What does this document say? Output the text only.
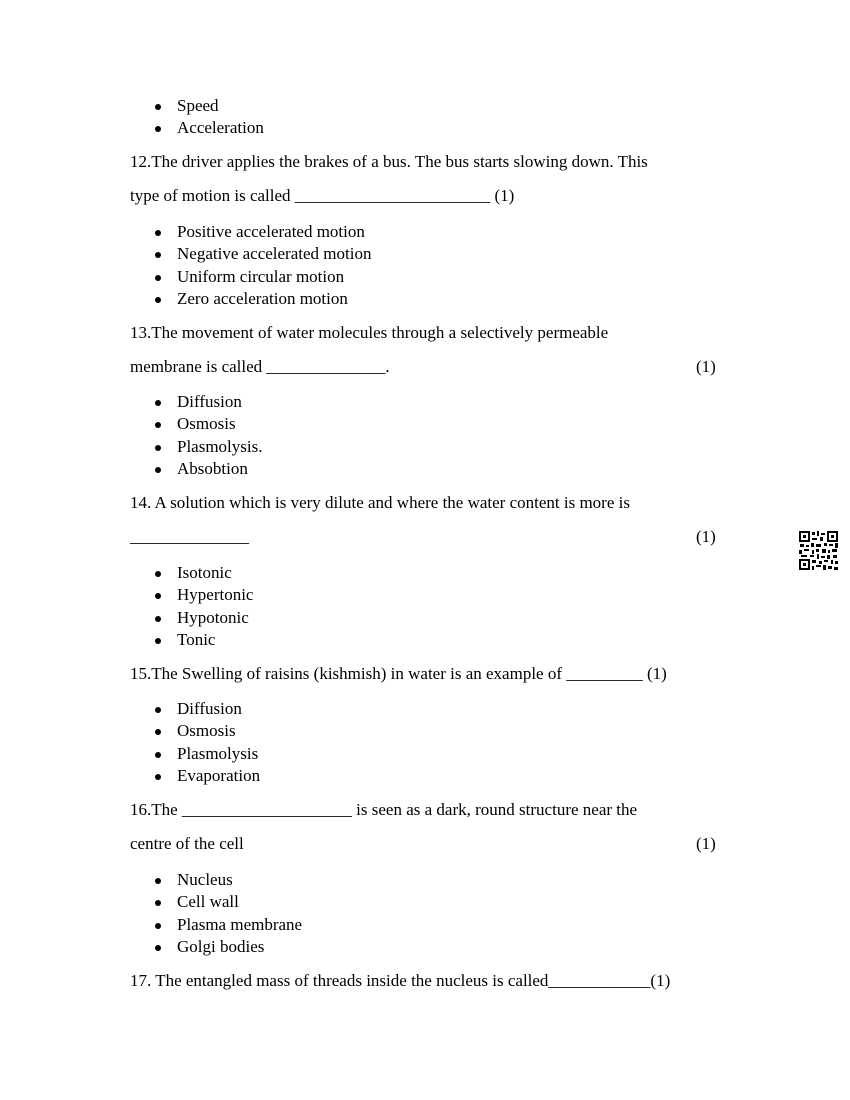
Speed
Acceleration
12.The driver applies the brakes of a bus. The bus starts slowing down. This
type of motion is called _______________________ (1)
Positive accelerated motion
Negative accelerated motion
Uniform circular motion
Zero acceleration motion
13.The movement of water molecules through a selectively permeable
membrane is called ______________.	(1)
Diffusion
Osmosis
Plasmolysis.
Absobtion
14. A solution which is very dilute and where the water content is more is
______________	(1)
Isotonic
Hypertonic
Hypotonic
Tonic
15.The Swelling of raisins (kishmish) in water is an example of _________ (1)
Diffusion
Osmosis
Plasmolysis
Evaporation
16.The ____________________ is seen as a dark, round structure near the
centre of the cell	(1)
Nucleus
Cell wall
Plasma membrane
Golgi bodies
17. The entangled mass of threads inside the nucleus is called____________(1)
